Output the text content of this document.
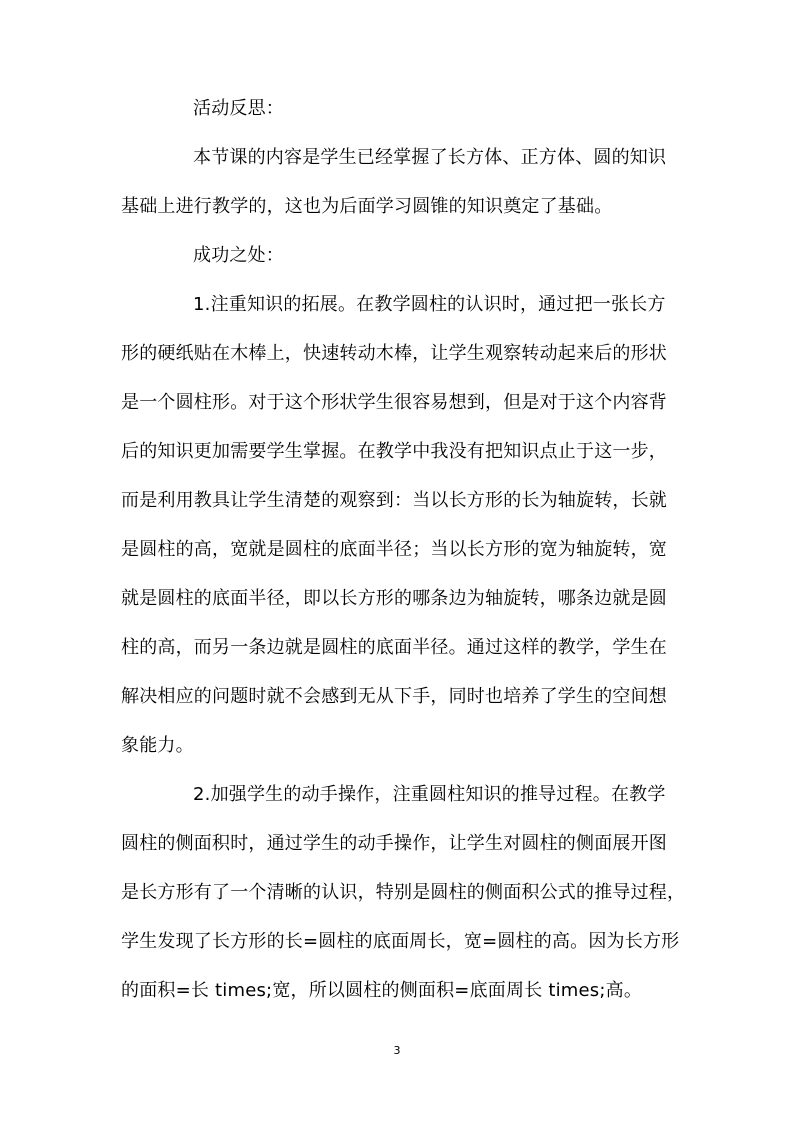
活动反思：
本节课的内容是学生已经掌握了长方体、正方体、圆的知识
基础上进行教学的，这也为后面学习圆锥的知识奠定了基础。
成功之处：
1.注重知识的拓展。在教学圆柱的认识时，通过把一张长方
形的硬纸贴在木棒上，快速转动木棒，让学生观察转动起来后的形状
是一个圆柱形。对于这个形状学生很容易想到，但是对于这个内容背
后的知识更加需要学生掌握。在教学中我没有把知识点止于这一步，
而是利用教具让学生清楚的观察到：当以长方形的长为轴旋转，长就
是圆柱的高，宽就是圆柱的底面半径；当以长方形的宽为轴旋转，宽
就是圆柱的底面半径，即以长方形的哪条边为轴旋转，哪条边就是圆
柱的高，而另一条边就是圆柱的底面半径。通过这样的教学，学生在
解决相应的问题时就不会感到无从下手，同时也培养了学生的空间想
象能力。
2.加强学生的动手操作，注重圆柱知识的推导过程。在教学
圆柱的侧面积时，通过学生的动手操作，让学生对圆柱的侧面展开图
是长方形有了一个清晰的认识，特别是圆柱的侧面积公式的推导过程，
学生发现了长方形的长=圆柱的底面周长，宽=圆柱的高。因为长方形
的面积=长 times;宽，所以圆柱的侧面积=底面周长 times;高。
3
